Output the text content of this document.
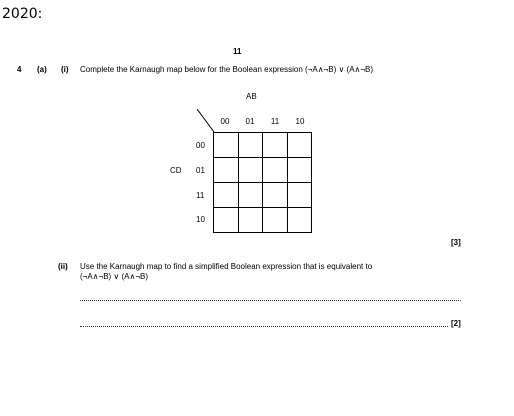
2020:
11
4 (a) (i) Complete the Karnaugh map below for the Boolean expression (¬A∧¬B) ∨ (A∧¬B)
AB
00	01	11	10
CD
00
01
11
10

[3]
(ii) Use the Karnaugh map to find a simplified Boolean expression that is equivalent to
(¬A∧¬B) ∨ (A∧¬B)
[2]
